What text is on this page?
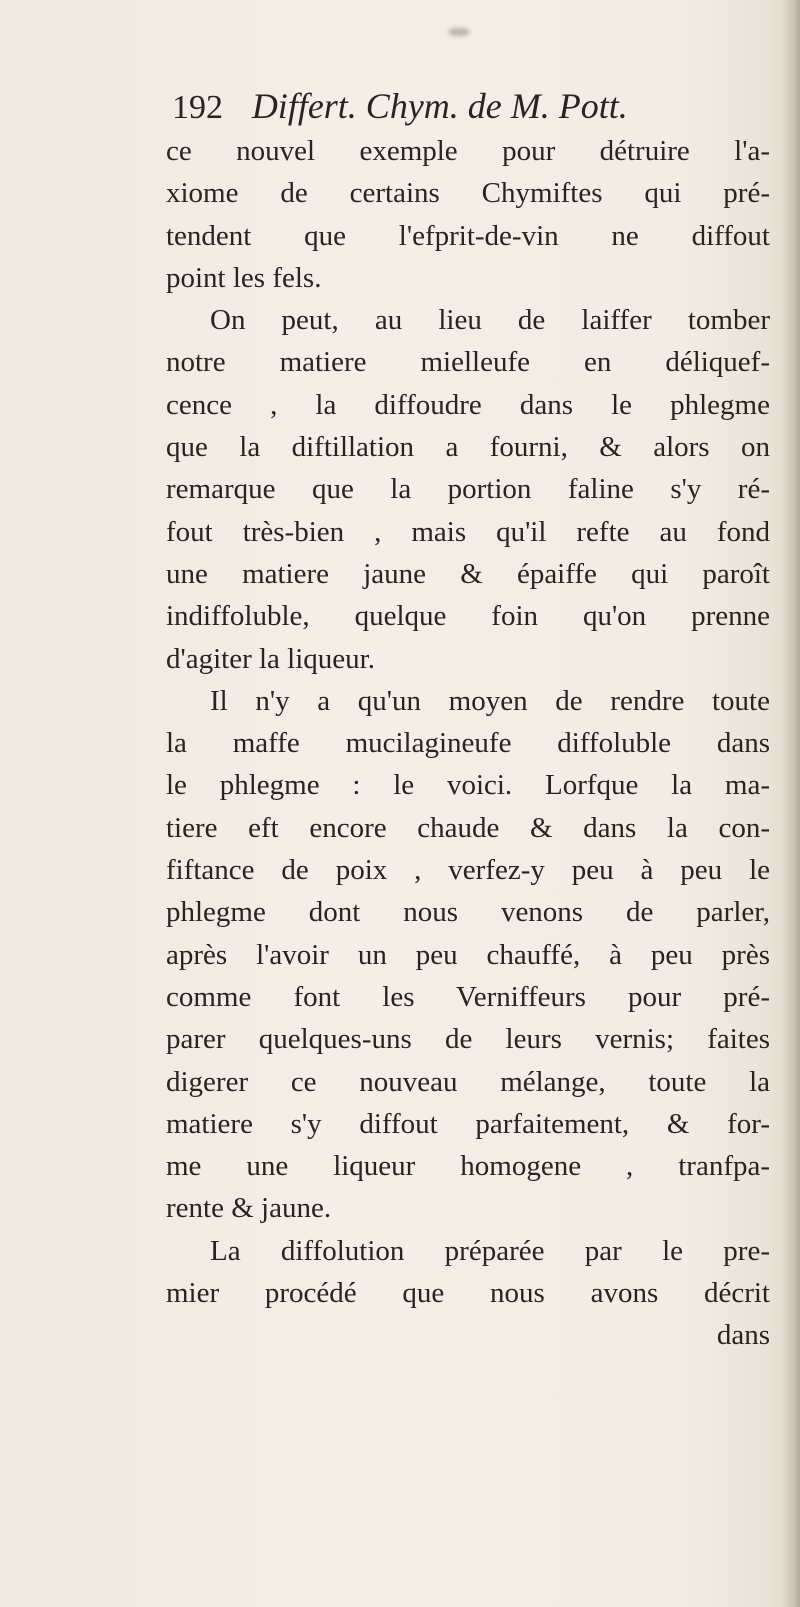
192 Differt. Chym. de M. Pott.
ce nouvel exemple pour détruire l'a-
xiome de certains Chymiftes qui pré-
tendent que l'efprit-de-vin ne diffout
point les fels.
On peut, au lieu de laiffer tomber
notre matiere mielleufe en déliquef-
cence , la diffoudre dans le phlegme
que la diftillation a fourni, & alors on
remarque que la portion faline s'y ré-
fout très-bien , mais qu'il refte au fond
une matiere jaune & épaiffe qui paroît
indiffoluble, quelque foin qu'on prenne
d'agiter la liqueur.
Il n'y a qu'un moyen de rendre toute
la maffe mucilagineufe diffoluble dans
le phlegme : le voici. Lorfque la ma-
tiere eft encore chaude & dans la con-
fiftance de poix , verfez-y peu à peu le
phlegme dont nous venons de parler,
après l'avoir un peu chauffé, à peu près
comme font les Verniffeurs pour pré-
parer quelques-uns de leurs vernis; faites
digerer ce nouveau mélange, toute la
matiere s'y diffout parfaitement, & for-
me une liqueur homogene , tranfpa-
rente & jaune.
La diffolution préparée par le pre-
mier procédé que nous avons décrit
dans
